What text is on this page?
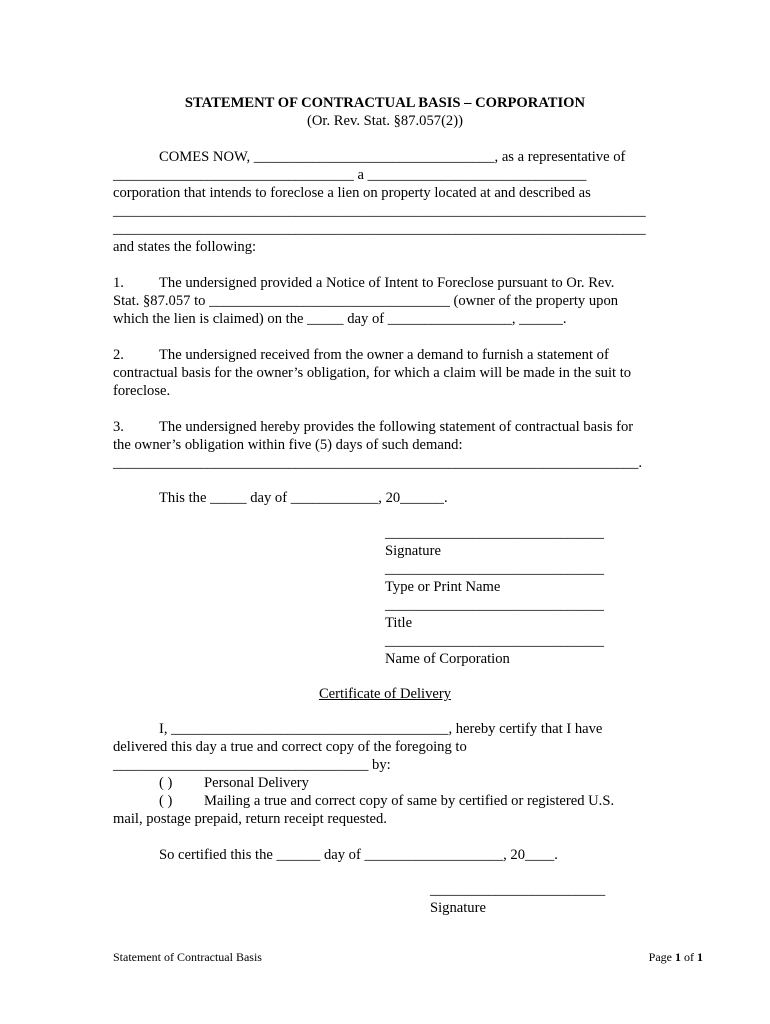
STATEMENT OF CONTRACTUAL BASIS – CORPORATION
(Or. Rev. Stat. §87.057(2))
COMES NOW, _________________________________, as a representative of
_________________________________ a ______________________________
corporation that intends to foreclose a lien on property located at and described as
_________________________________________________________________________
_________________________________________________________________________
and states the following:
1. The undersigned provided a Notice of Intent to Foreclose pursuant to Or. Rev.
Stat. §87.057 to _________________________________ (owner of the property upon
which the lien is claimed) on the _____ day of _________________, ______.
2. The undersigned received from the owner a demand to furnish a statement of
contractual basis for the owner’s obligation, for which a claim will be made in the suit to
foreclose.
3. The undersigned hereby provides the following statement of contractual basis for
the owner’s obligation within five (5) days of such demand:
________________________________________________________________________.
This the _____ day of ____________, 20______.
______________________________
Signature
______________________________
Type or Print Name
______________________________
Title
______________________________
Name of Corporation
Certificate of Delivery
I, ______________________________________, hereby certify that I have
delivered this day a true and correct copy of the foregoing to
___________________________________ by:
( ) Personal Delivery
( ) Mailing a true and correct copy of same by certified or registered U.S.
mail, postage prepaid, return receipt requested.
So certified this the ______ day of ___________________, 20____.
________________________
Signature
Statement of Contractual Basis	Page 1 of 1
